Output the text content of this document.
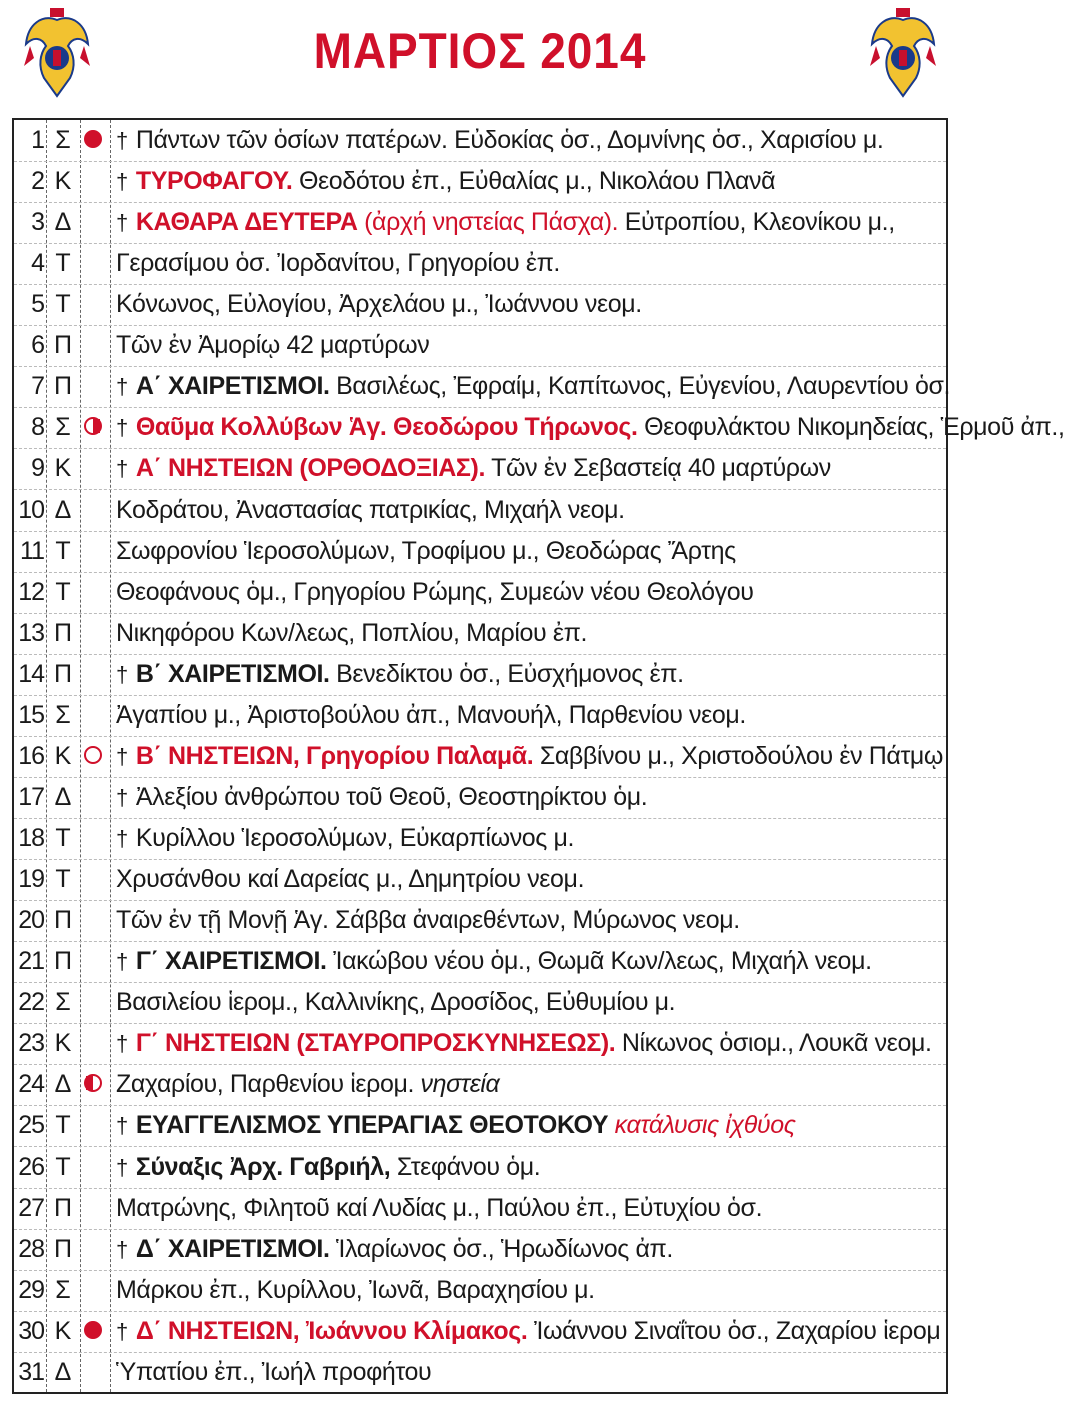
ΜΑΡΤΙΟΣ 2014
1 Σ † Πάντων τῶν ὁσίων πατέρων. Εὐδοκίας ὁσ., Δομνίνης ὁσ., Χαρισίου μ.
2 Κ † ΤΥΡΟΦΑΓΟΥ. Θεοδότου ἐπ., Εὐθαλίας μ., Νικολάου Πλανᾶ
3 Δ † ΚΑΘΑΡΑ ΔΕΥΤΕΡΑ (ἀρχή νηστείας Πάσχα). Εὐτροπίου, Κλεονίκου μ.,
4 Τ Γερασίμου ὁσ. Ἰορδανίτου, Γρηγορίου ἐπ.
5 Τ Κόνωνος, Εὐλογίου, Ἀρχελάου μ., Ἰωάννου νεομ.
6 Π Τῶν ἐν Ἀμορίῳ 42 μαρτύρων
7 Π † Α΄ ΧΑΙΡΕΤΙΣΜΟΙ. Βασιλέως, Ἐφραίμ, Καπίτωνος, Εὐγενίου, Λαυρεντίου ὁσ.
8 Σ † Θαῦμα Κολλύβων Ἁγ. Θεοδώρου Τήρωνος. Θεοφυλάκτου Νικομηδείας, Ἑρμοῦ ἀπ.,
9 Κ † Α΄ ΝΗΣΤΕΙΩΝ (ΟΡΘΟΔΟΞΙΑΣ). Τῶν ἐν Σεβαστείᾳ 40 μαρτύρων
10 Δ Κοδράτου, Ἀναστασίας πατρικίας, Μιχαήλ νεομ.
11 Τ Σωφρονίου Ἱεροσολύμων, Τροφίμου μ., Θεοδώρας Ἄρτης
12 Τ Θεοφάνους ὁμ., Γρηγορίου Ρώμης, Συμεών νέου Θεολόγου
13 Π Νικηφόρου Κων/λεως, Ποπλίου, Μαρίου ἐπ.
14 Π † Β΄ ΧΑΙΡΕΤΙΣΜΟΙ. Βενεδίκτου ὁσ., Εὐσχήμονος ἐπ.
15 Σ Ἀγαπίου μ., Ἀριστοβούλου ἀπ., Μανουήλ, Παρθενίου νεομ.
16 Κ † Β΄ ΝΗΣΤΕΙΩΝ, Γρηγορίου Παλαμᾶ. Σαββίνου μ., Χριστοδούλου ἐν Πάτμῳ
17 Δ † Ἀλεξίου ἀνθρώπου τοῦ Θεοῦ, Θεοστηρίκτου ὁμ.
18 Τ † Κυρίλλου Ἱεροσολύμων, Εὐκαρπίωνος μ.
19 Τ Χρυσάνθου καί Δαρείας μ., Δημητρίου νεομ.
20 Π Τῶν ἐν τῇ Μονῇ Ἁγ. Σάββα ἀναιρεθέντων, Μύρωνος νεομ.
21 Π † Γ΄ ΧΑΙΡΕΤΙΣΜΟΙ. Ἰακώβου νέου ὁμ., Θωμᾶ Κων/λεως, Μιχαήλ νεομ.
22 Σ Βασιλείου ἱερομ., Καλλινίκης, Δροσίδος, Εὐθυμίου μ.
23 Κ † Γ΄ ΝΗΣΤΕΙΩΝ (ΣΤΑΥΡΟΠΡΟΣΚΥΝΗΣΕΩΣ). Νίκωνος ὁσιομ., Λουκᾶ νεομ.
24 Δ Ζαχαρίου, Παρθενίου ἱερομ. νηστεία
25 Τ † ΕΥΑΓΓΕΛΙΣΜΟΣ ΥΠΕΡΑΓΙΑΣ ΘΕΟΤΟΚΟΥ κατάλυσις ἰχθύος
26 Τ † Σύναξις Ἀρχ. Γαβριήλ, Στεφάνου ὁμ.
27 Π Ματρώνης, Φιλητοῦ καί Λυδίας μ., Παύλου ἐπ., Εὐτυχίου ὁσ.
28 Π † Δ΄ ΧΑΙΡΕΤΙΣΜΟΙ. Ἱλαρίωνος ὁσ., Ἡρωδίωνος ἀπ.
29 Σ Μάρκου ἐπ., Κυρίλλου, Ἰωνᾶ, Βαραχησίου μ.
30 Κ † Δ΄ ΝΗΣΤΕΙΩΝ, Ἰωάννου Κλίμακος. Ἰωάννου Σιναΐτου ὁσ., Ζαχαρίου ἱερομ
31 Δ Ὑπατίου ἐπ., Ἰωήλ προφήτου
